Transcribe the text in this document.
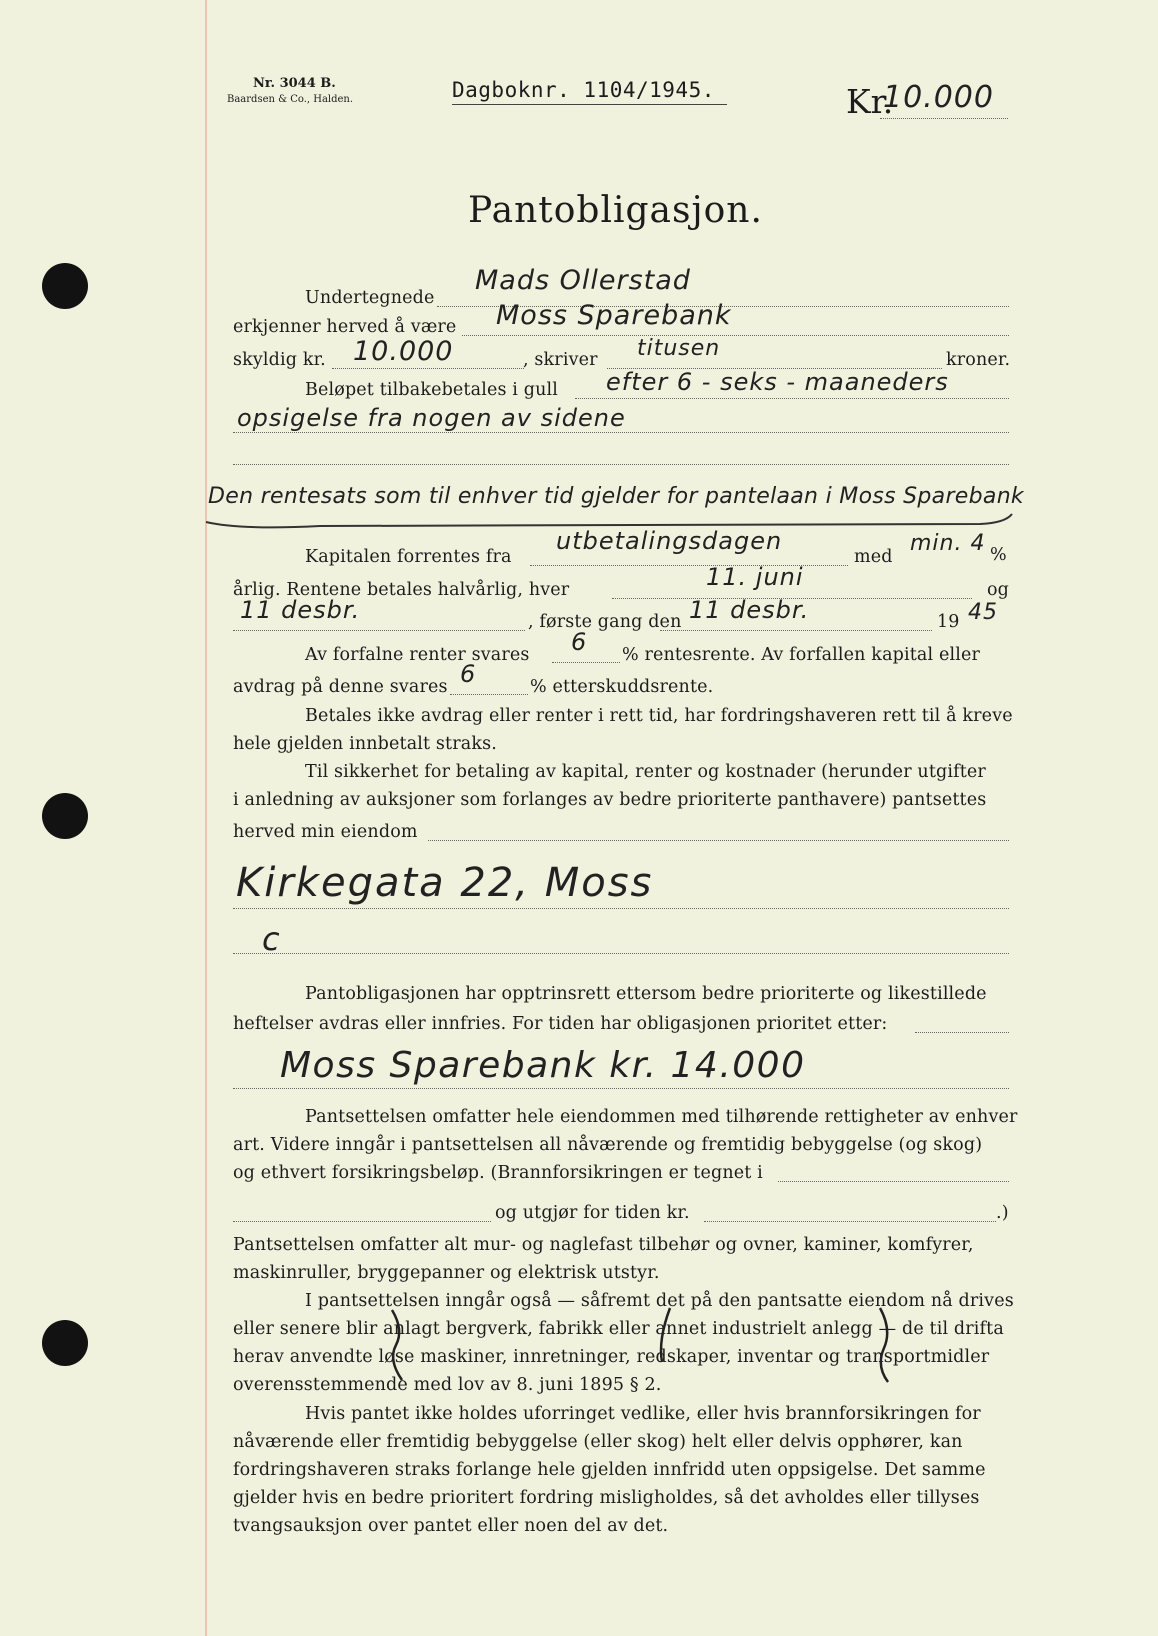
Nr. 3044 B.
Baardsen & Co., Halden.	Dagboknr. 1104/1945.	Kr.
10.000
Pantobligasjon.
Undertegnede
Mads Ollerstad
erkjenner herved å være Moss Sparebank
skyldig kr. 10.000	, skriver titusen	kroner.
Beløpet tilbakebetales i gull efter 6 - seks - maaneders
opsigelse fra nogen av sidene
Den rentesats som til enhver tid gjelder for pantelaan i Moss Sparebank
Kapitalen forrentes fra
utbetalingsdagen
med
min. 4 %
årlig. Rentene betales halvårlig, hver	11. juni	og
11 desbr.	, første gang den 11 desbr.	19 45
Av forfalne renter svares 6 % rentesrente. Av forfallen kapital eller
avdrag på denne svares 6	% etterskuddsrente.
Betales ikke avdrag eller renter i rett tid, har fordringshaveren rett til å kreve
hele gjelden innbetalt straks.
Til sikkerhet for betaling av kapital, renter og kostnader (herunder utgifter
i anledning av auksjoner som forlanges av bedre prioriterte panthavere) pantsettes
herved min eiendom
Kirkegata 22, Moss
c
Pantobligasjonen har opptrinsrett ettersom bedre prioriterte og likestillede
heftelser avdras eller innfries. For tiden har obligasjonen prioritet etter:
Moss Sparebank kr. 14.000
Pantsettelsen omfatter hele eiendommen med tilhørende rettigheter av enhver
art. Videre inngår i pantsettelsen all nåværende og fremtidig bebyggelse (og skog)
og ethvert forsikringsbeløp. (Brannforsikringen er tegnet i
og utgjør for tiden kr.	.)
Pantsettelsen omfatter alt mur- og naglefast tilbehør og ovner, kaminer, komfyrer,
maskinruller, bryggepanner og elektrisk utstyr.
I pantsettelsen inngår også — såfremt det på den pantsatte eiendom nå drives
eller senere blir anlagt bergverk, fabrikk eller annet industrielt anlegg — de til drifta
herav anvendte løse maskiner, innretninger, redskaper, inventar og transportmidler
overensstemmende med lov av 8. juni 1895 § 2.
Hvis pantet ikke holdes uforringet vedlike, eller hvis brannforsikringen for
nåværende eller fremtidig bebyggelse (eller skog) helt eller delvis opphører, kan
fordringshaveren straks forlange hele gjelden innfridd uten oppsigelse. Det samme
gjelder hvis en bedre prioritert fordring misligholdes, så det avholdes eller tillyses
tvangsauksjon over pantet eller noen del av det.
